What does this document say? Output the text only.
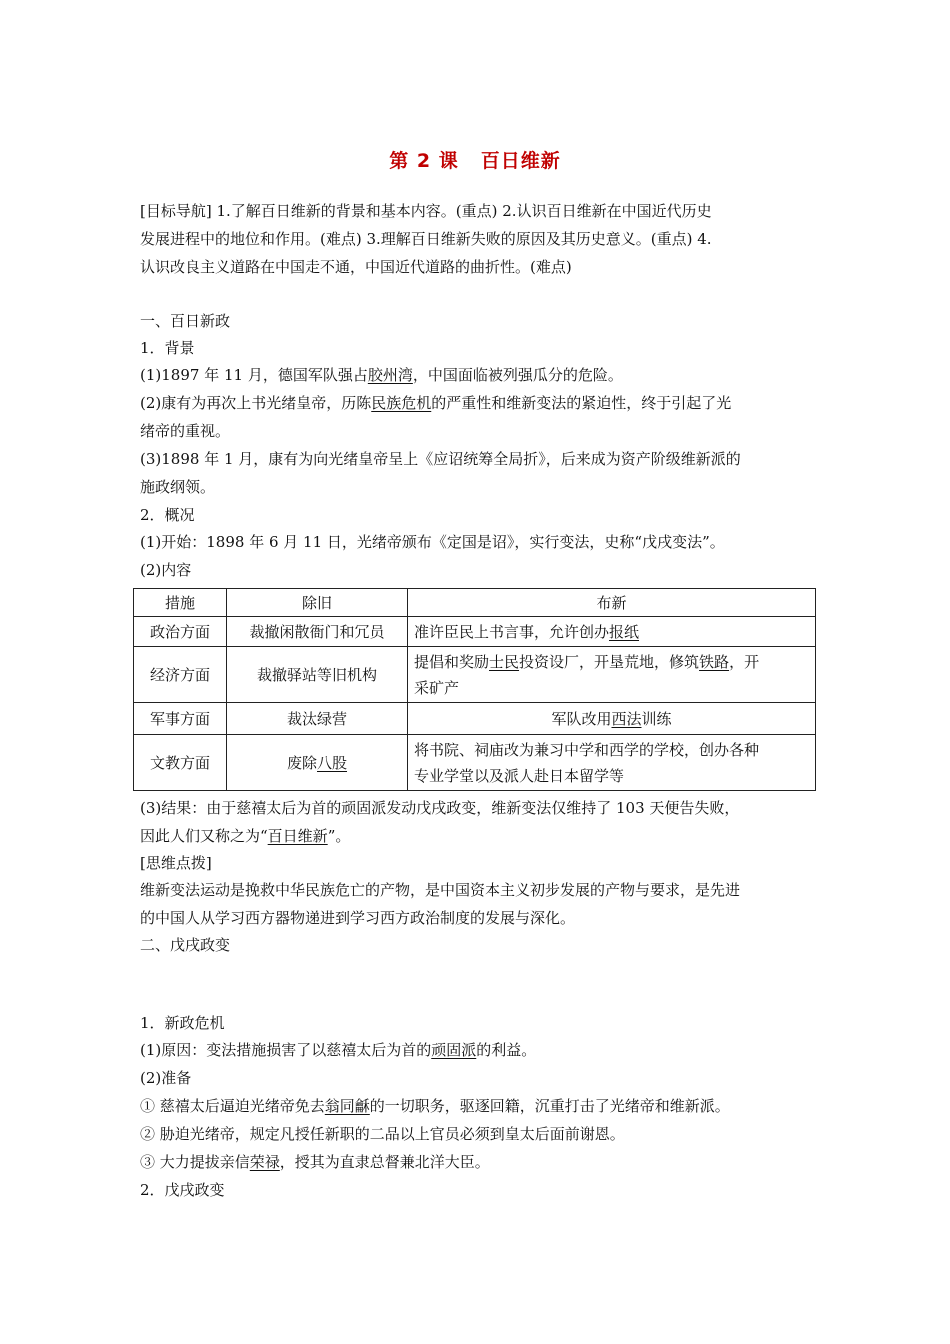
第 2 课 百日维新
[目标导航] 1.了解百日维新的背景和基本内容。(重点) 2.认识百日维新在中国近代历史
发展进程中的地位和作用。(难点) 3.理解百日维新失败的原因及其历史意义。(重点) 4.
认识改良主义道路在中国走不通，中国近代道路的曲折性。(难点)
一、百日新政
1．背景
(1)1897 年 11 月，德国军队强占胶州湾，中国面临被列强瓜分的危险。
(2)康有为再次上书光绪皇帝，历陈民族危机的严重性和维新变法的紧迫性，终于引起了光
绪帝的重视。
(3)1898 年 1 月，康有为向光绪皇帝呈上《应诏统筹全局折》，后来成为资产阶级维新派的
施政纲领。
2．概况
(1)开始：1898 年 6 月 11 日，光绪帝颁布《定国是诏》，实行变法，史称“戊戌变法”。
(2)内容
措施	除旧	布新
政治方面	裁撤闲散衙门和冗员	准许臣民上书言事，允许创办报纸
经济方面	裁撤驿站等旧机构	提倡和奖励士民投资设厂，开垦荒地，修筑铁路，开
采矿产
军事方面	裁汰绿营	军队改用西法训练
文教方面	废除八股	将书院、祠庙改为兼习中学和西学的学校，创办各种
专业学堂以及派人赴日本留学等
(3)结果：由于慈禧太后为首的顽固派发动戊戌政变，维新变法仅维持了 103 天便告失败，
因此人们又称之为“百日维新”。
[思维点拨]
维新变法运动是挽救中华民族危亡的产物，是中国资本主义初步发展的产物与要求，是先进
的中国人从学习西方器物递进到学习西方政治制度的发展与深化。
二、戊戌政变
1．新政危机
(1)原因：变法措施损害了以慈禧太后为首的顽固派的利益。
(2)准备
① 慈禧太后逼迫光绪帝免去翁同龢的一切职务，驱逐回籍，沉重打击了光绪帝和维新派。
② 胁迫光绪帝，规定凡授任新职的二品以上官员必须到皇太后面前谢恩。
③ 大力提拔亲信荣禄，授其为直隶总督兼北洋大臣。
2．戊戌政变
